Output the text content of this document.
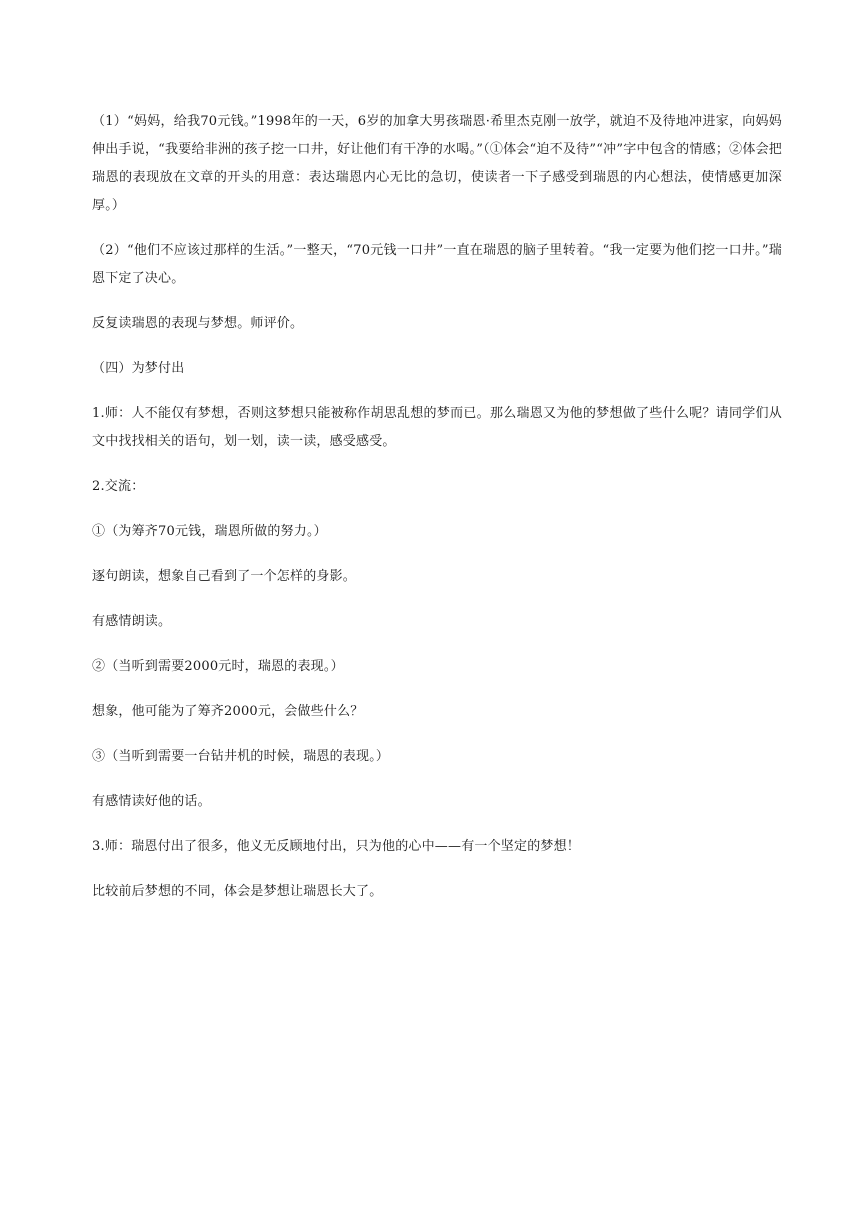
（1）“妈妈，给我70元钱。”1998年的一天，6岁的加拿大男孩瑞恩·希里杰克刚一放学，就迫不及待地冲进家，向妈妈伸出手说，“我要给非洲的孩子挖一口井，好让他们有干净的水喝。”（①体会“迫不及待”“冲”字中包含的情感；②体会把瑞恩的表现放在文章的开头的用意：表达瑞恩内心无比的急切，使读者一下子感受到瑞恩的内心想法，使情感更加深厚。）

（2）“他们不应该过那样的生活。”一整天，“70元钱一口井”一直在瑞恩的脑子里转着。“我一定要为他们挖一口井。”瑞恩下定了决心。

反复读瑞恩的表现与梦想。师评价。

（四）为梦付出

1.师：人不能仅有梦想，否则这梦想只能被称作胡思乱想的梦而已。那么瑞恩又为他的梦想做了些什么呢？请同学们从文中找找相关的语句，划一划，读一读，感受感受。

2.交流：

①（为筹齐70元钱，瑞恩所做的努力。）

逐句朗读，想象自己看到了一个怎样的身影。

有感情朗读。

②（当听到需要2000元时，瑞恩的表现。）

想象，他可能为了筹齐2000元，会做些什么？

③（当听到需要一台钻井机的时候，瑞恩的表现。）

有感情读好他的话。

3.师：瑞恩付出了很多，他义无反顾地付出，只为他的心中——有一个坚定的梦想！

比较前后梦想的不同，体会是梦想让瑞恩长大了。
